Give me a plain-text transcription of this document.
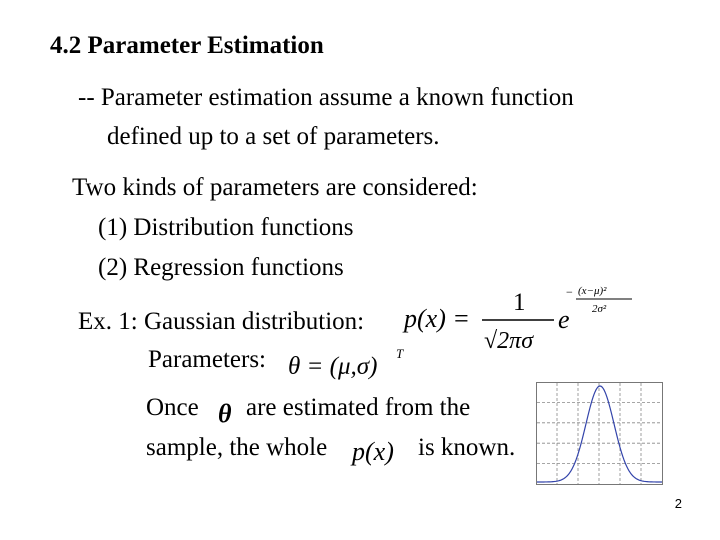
4.2 Parameter Estimation
-- Parameter estimation assume a known function
defined up to a set of parameters.
Two kinds of parameters are considered:
(1) Distribution functions
(2) Regression functions
Ex. 1: Gaussian distribution: p(x) =
1
√2πσ
e
− (x−μ)²
2σ²
Parameters: θ = (μ,σ) T
Once θ are estimated from the
sample, the whole p(x) is known.
2
